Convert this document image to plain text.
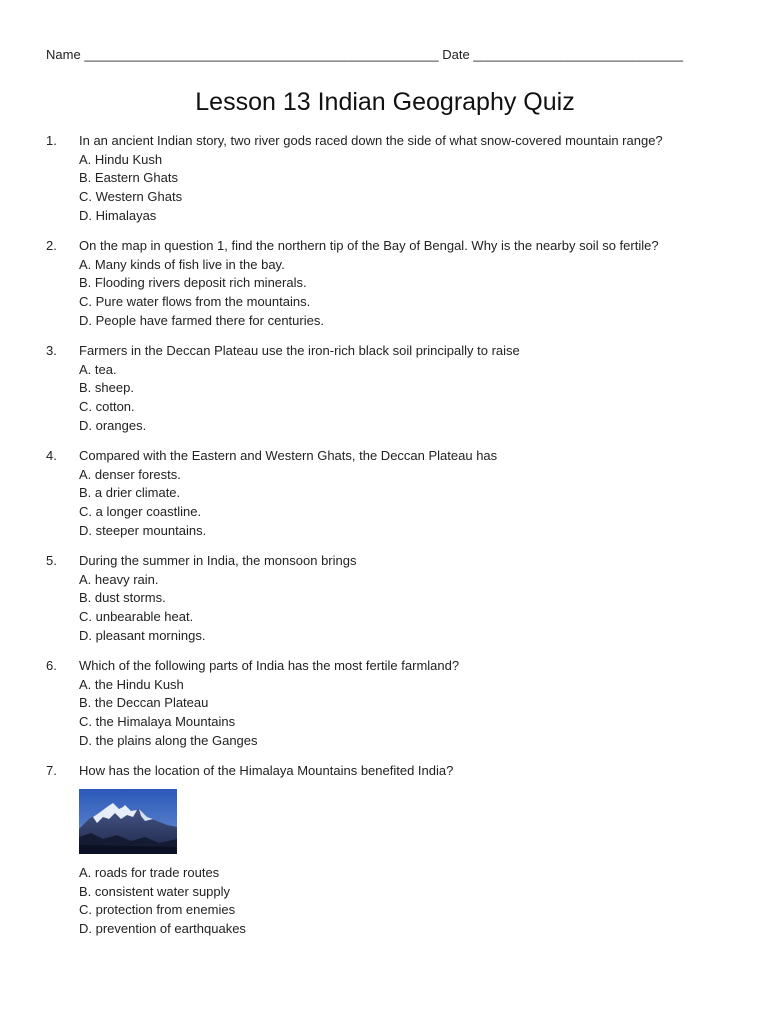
Name _________________________________________________ Date _____________________________
Lesson 13 Indian Geography Quiz
1. In an ancient Indian story, two river gods raced down the side of what snow-covered mountain range?
A. Hindu Kush
B. Eastern Ghats
C. Western Ghats
D. Himalayas
2. On the map in question 1, find the northern tip of the Bay of Bengal. Why is the nearby soil so fertile?
A. Many kinds of fish live in the bay.
B. Flooding rivers deposit rich minerals.
C. Pure water flows from the mountains.
D. People have farmed there for centuries.
3. Farmers in the Deccan Plateau use the iron-rich black soil principally to raise
A. tea.
B. sheep.
C. cotton.
D. oranges.
4. Compared with the Eastern and Western Ghats, the Deccan Plateau has
A. denser forests.
B. a drier climate.
C. a longer coastline.
D. steeper mountains.
5. During the summer in India, the monsoon brings
A. heavy rain.
B. dust storms.
C. unbearable heat.
D. pleasant mornings.
6. Which of the following parts of India has the most fertile farmland?
A. the Hindu Kush
B. the Deccan Plateau
C. the Himalaya Mountains
D. the plains along the Ganges
7. How has the location of the Himalaya Mountains benefited India?
A. roads for trade routes
B. consistent water supply
C. protection from enemies
D. prevention of earthquakes
